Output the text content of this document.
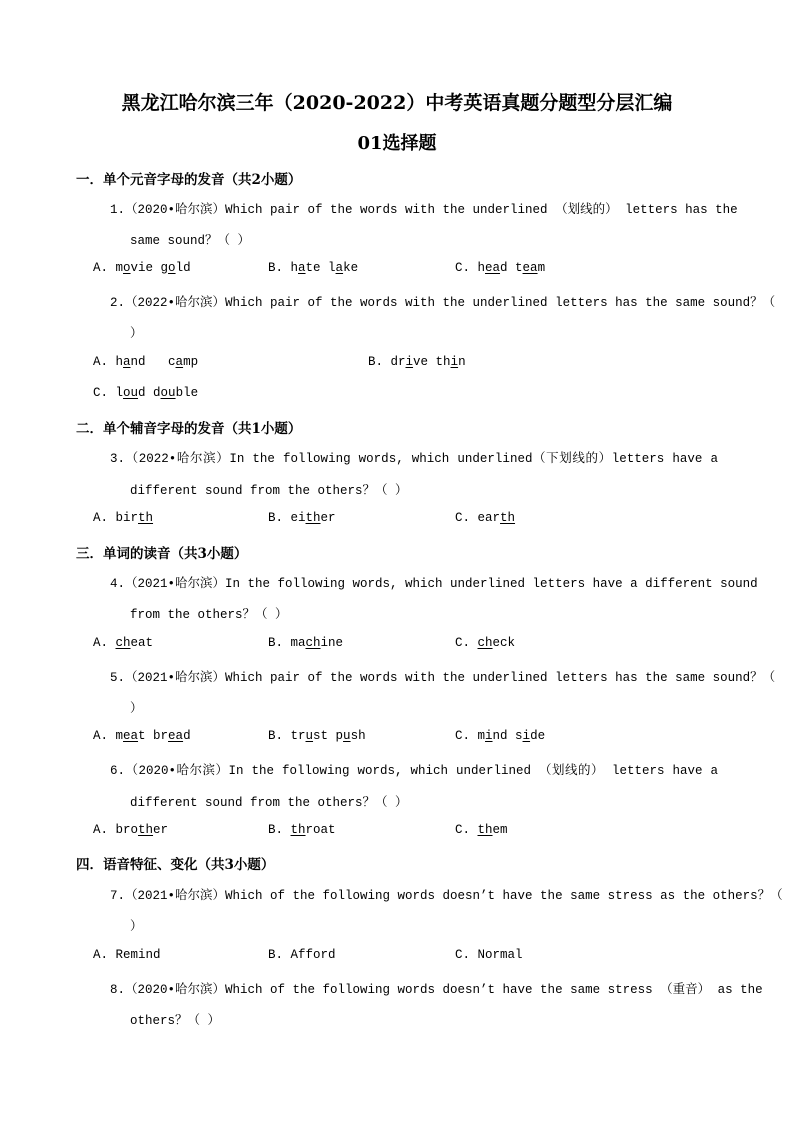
黑龙江哈尔滨三年（2020-2022）中考英语真题分题型分层汇编
01选择题
一．单个元音字母的发音（共2小题）
1.（2020•哈尔滨）Which pair of the words with the underlined （划线的） letters has the
same sound？（ ）
A. movie gold	B. hate lake	C. head team
2.（2022•哈尔滨）Which pair of the words with the underlined letters has the same sound？（
）
A. hand   camp	B. drive thin
C. loud double
二．单个辅音字母的发音（共1小题）
3.（2022•哈尔滨）In the following words, which underlined（下划线的）letters have a
different sound from the others？（ ）
A. birth	B. either	C. earth
三．单词的读音（共3小题）
4.（2021•哈尔滨）In the following words, which underlined letters have a different sound
from the others？（ ）
A. cheat	B. machine	C. check
5.（2021•哈尔滨）Which pair of the words with the underlined letters has the same sound？（
）
A. meat bread	B. trust push	C. mind side
6.（2020•哈尔滨）In the following words, which underlined （划线的） letters have a
different sound from the others？（ ）
A. brother	B. throat	C. them
四．语音特征、变化（共3小题）
7.（2021•哈尔滨）Which of the following words doesn’t have the same stress as the others？（
）
A. Remind	B. Afford	C. Normal
8.（2020•哈尔滨）Which of the following words doesn’t have the same stress （重音） as the
others？（ ）
